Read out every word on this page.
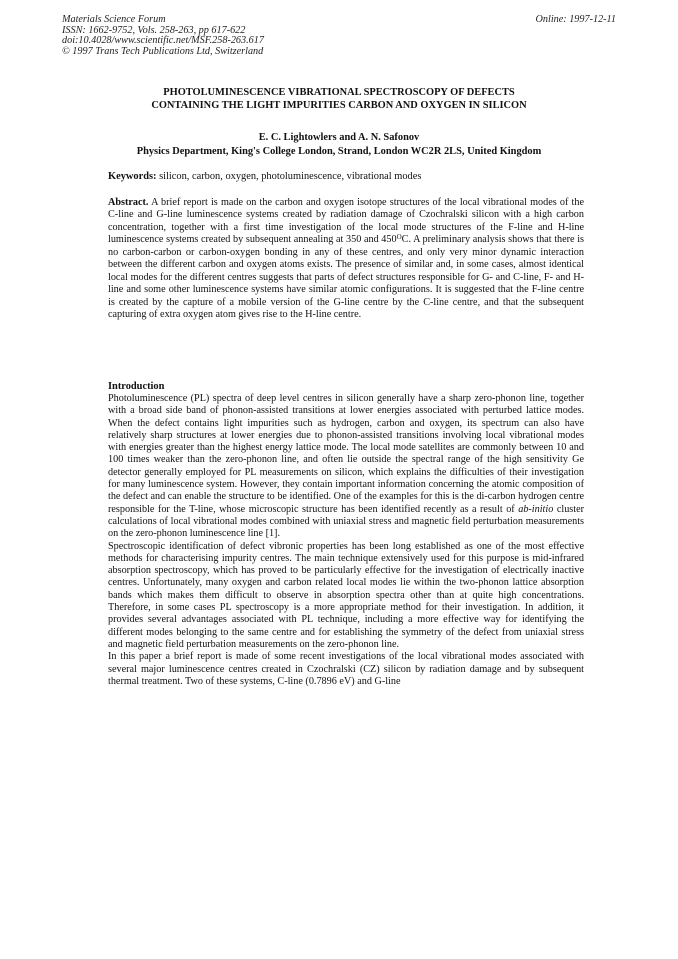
Materials Science Forum
ISSN: 1662-9752, Vols. 258-263, pp 617-622
doi:10.4028/www.scientific.net/MSF.258-263.617
© 1997 Trans Tech Publications Ltd, Switzerland
Online: 1997-12-11
PHOTOLUMINESCENCE VIBRATIONAL SPECTROSCOPY OF DEFECTS
CONTAINING THE LIGHT IMPURITIES CARBON AND OXYGEN IN SILICON
E. C. Lightowlers and A. N. Safonov
Physics Department, King's College London, Strand, London WC2R 2LS, United Kingdom
Keywords: silicon, carbon, oxygen, photoluminescence, vibrational modes

Abstract. A brief report is made on the carbon and oxygen isotope structures of the local vibrational modes of the C-line and G-line luminescence systems created by radiation damage of Czochralski silicon with a high carbon concentration, together with a first time investigation of the local mode structures of the F-line and H-line luminescence systems created by subsequent annealing at 350 and $450^OC$. A preliminary analysis shows that there is no carbon-carbon or carbon-oxygen bonding in any of these centres, and only very minor dynamic interaction between the different carbon and oxygen atoms exists. The presence of similar and, in some cases, almost identical local modes for the different centres suggests that parts of defect structures responsible for G- and C-line, F- and H-line and some other luminescence systems have similar atomic configurations. It is suggested that the F-line centre is created by the capture of a mobile version of the G-line centre by the C-line centre, and that the subsequent capturing of extra oxygen atom gives rise to the H-line centre.

Introduction

Photoluminescence (PL) spectra of deep level centres in silicon generally have a sharp zero-phonon line, together with a broad side band of phonon-assisted transitions at lower energies associated with perturbed lattice modes. When the defect contains light impurities such as hydrogen, carbon and oxygen, its spectrum can also have relatively sharp structures at lower energies due to phonon-assisted transitions involving local vibrational modes with energies greater than the highest energy lattice mode. The local mode satellites are commonly between 10 and 100 times weaker than the zero-phonon line, and often lie outside the spectral range of the high sensitivity Ge detector generally employed for PL measurements on silicon, which explains the difficulties of their investigation for many luminescence system. However, they contain important information concerning the atomic composition of the defect and can enable the structure to be identified. One of the examples for this is the di-carbon hydrogen centre responsible for the T-line, whose microscopic structure has been identified recently as a result of ab-initio cluster calculations of local vibrational modes combined with uniaxial stress and magnetic field perturbation measurements on the zero-phonon luminescence line [1].

Spectroscopic identification of defect vibronic properties has been long established as one of the most effective methods for characterising impurity centres. The main technique extensively used for this purpose is mid-infrared absorption spectroscopy, which has proved to be particularly effective for the investigation of electrically inactive centres. Unfortunately, many oxygen and carbon related local modes lie within the two-phonon lattice absorption bands which makes them difficult to observe in absorption spectra other than at quite high concentrations. Therefore, in some cases PL spectroscopy is a more appropriate method for their investigation. In addition, it provides several advantages associated with PL technique, including a more effective way for identifying the different modes belonging to the same centre and for establishing the symmetry of the defect from uniaxial stress and magnetic field perturbation measurements on the zero-phonon line.

In this paper a brief report is made of some recent investigations of the local vibrational modes associated with several major luminescence centres created in Czochralski (CZ) silicon by radiation damage and by subsequent thermal treatment. Two of these systems, C-line (0.7896 eV) and G-line
